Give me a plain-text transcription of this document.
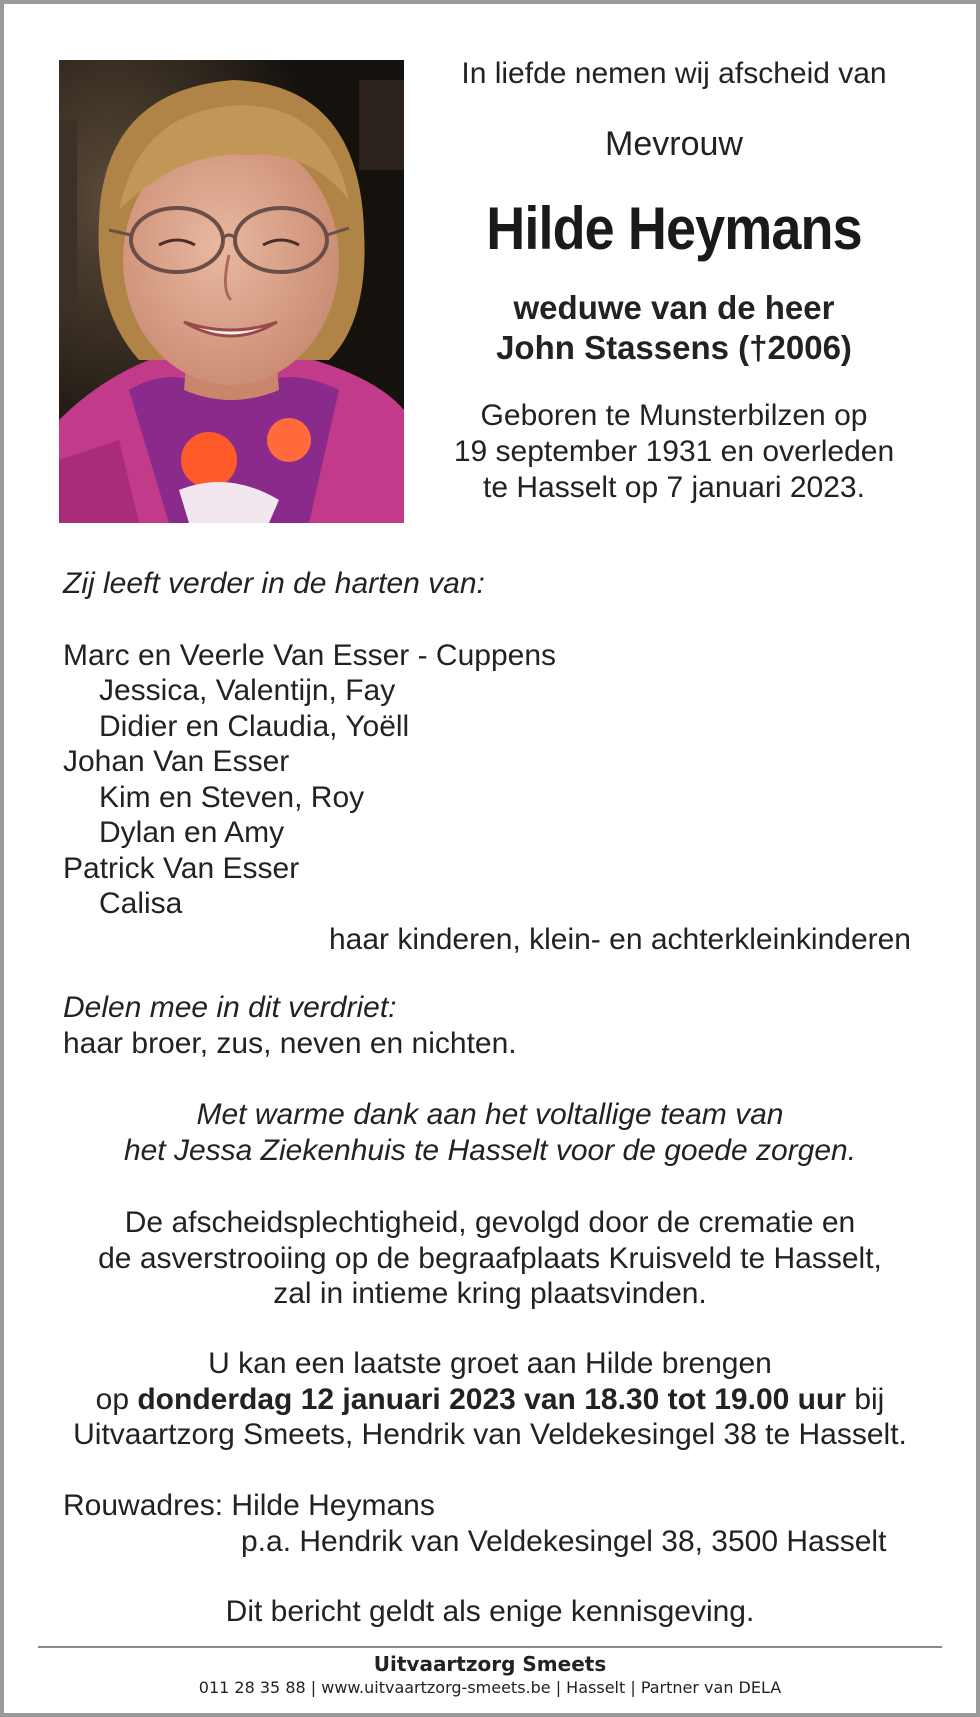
In liefde nemen wij afscheid van
Mevrouw
Hilde Heymans
weduwe van de heer
John Stassens (†2006)
Geboren te Munsterbilzen op
19 september 1931 en overleden
te Hasselt op 7 januari 2023.
Zij leeft verder in de harten van:
Marc en Veerle Van Esser - Cuppens
Jessica, Valentijn, Fay
Didier en Claudia, Yoëll
Johan Van Esser
Kim en Steven, Roy
Dylan en Amy
Patrick Van Esser
Calisa
haar kinderen, klein- en achterkleinkinderen
Delen mee in dit verdriet:
haar broer, zus, neven en nichten.
Met warme dank aan het voltallige team van
het Jessa Ziekenhuis te Hasselt voor de goede zorgen.
De afscheidsplechtigheid, gevolgd door de crematie en
de asverstrooiing op de begraafplaats Kruisveld te Hasselt,
zal in intieme kring plaatsvinden.
U kan een laatste groet aan Hilde brengen
op donderdag 12 januari 2023 van 18.30 tot 19.00 uur bij
Uitvaartzorg Smeets, Hendrik van Veldekesingel 38 te Hasselt.
Rouwadres: Hilde Heymans
p.a. Hendrik van Veldekesingel 38, 3500 Hasselt
Dit bericht geldt als enige kennisgeving.
Uitvaartzorg Smeets
011 28 35 88 | www.uitvaartzorg-smeets.be | Hasselt | Partner van DELA
